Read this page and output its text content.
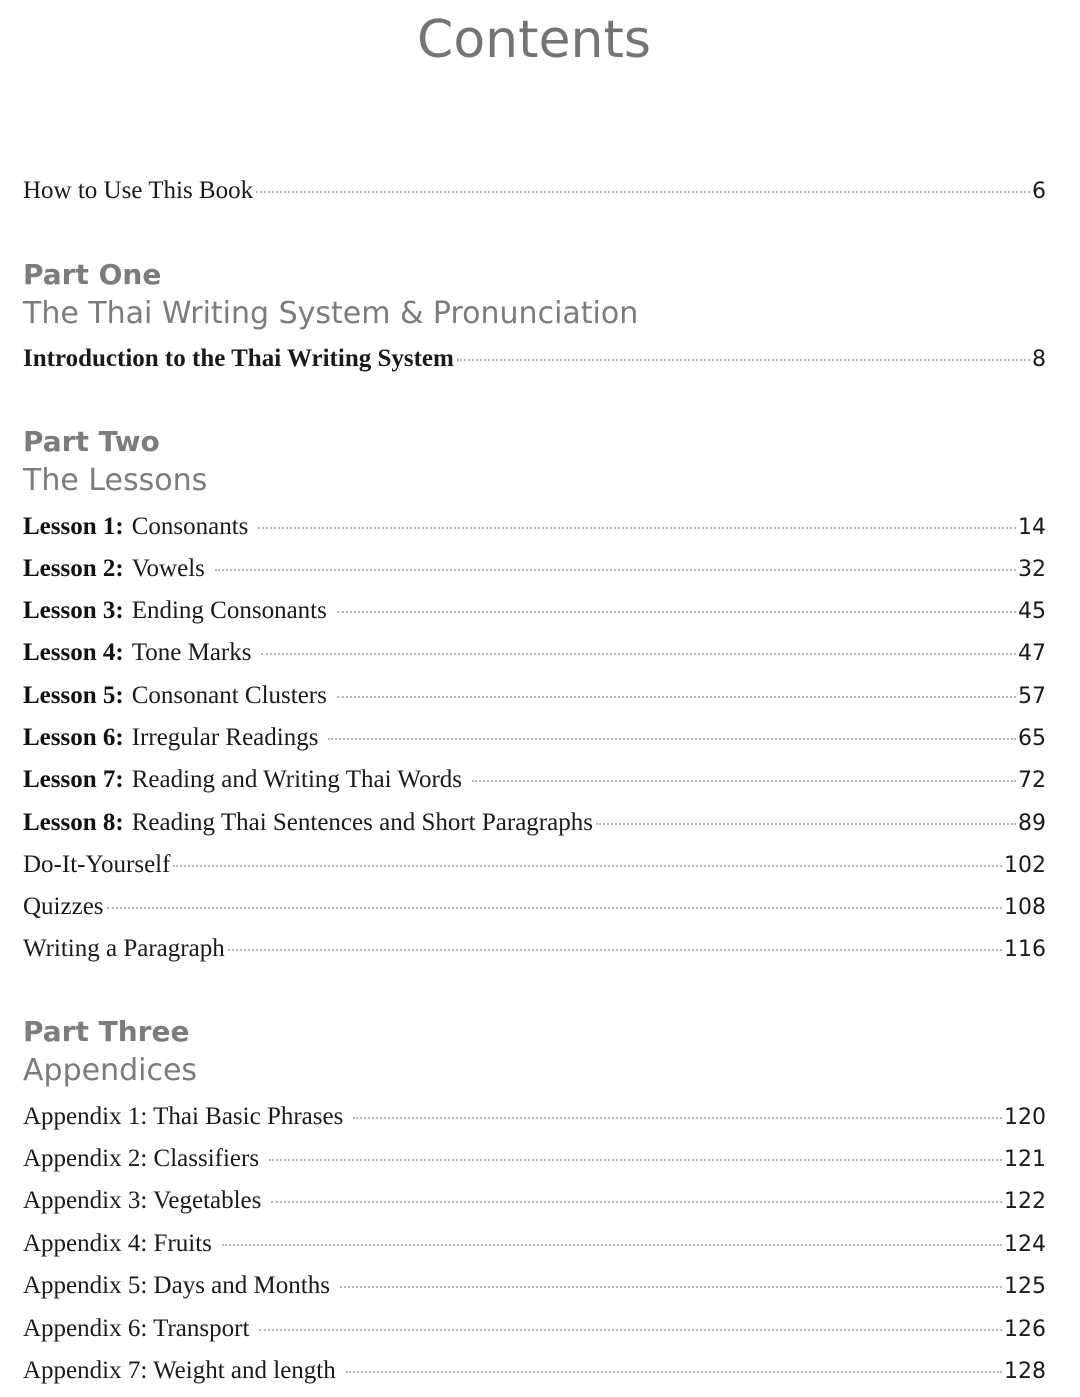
Contents
How to Use This Book	6
Part One
The Thai Writing System & Pronunciation
Introduction to the Thai Writing System	8
Part Two
The Lessons
Lesson 1: Consonants	14
Lesson 2: Vowels	32
Lesson 3: Ending Consonants	45
Lesson 4: Tone Marks	47
Lesson 5: Consonant Clusters	57
Lesson 6: Irregular Readings	65
Lesson 7: Reading and Writing Thai Words	72
Lesson 8: Reading Thai Sentences and Short Paragraphs	89
Do-It-Yourself	102
Quizzes	108
Writing a Paragraph	116
Part Three
Appendices
Appendix 1: Thai Basic Phrases	120
Appendix 2: Classifiers	121
Appendix 3: Vegetables	122
Appendix 4: Fruits	124
Appendix 5: Days and Months	125
Appendix 6: Transport	126
Appendix 7: Weight and length	128
